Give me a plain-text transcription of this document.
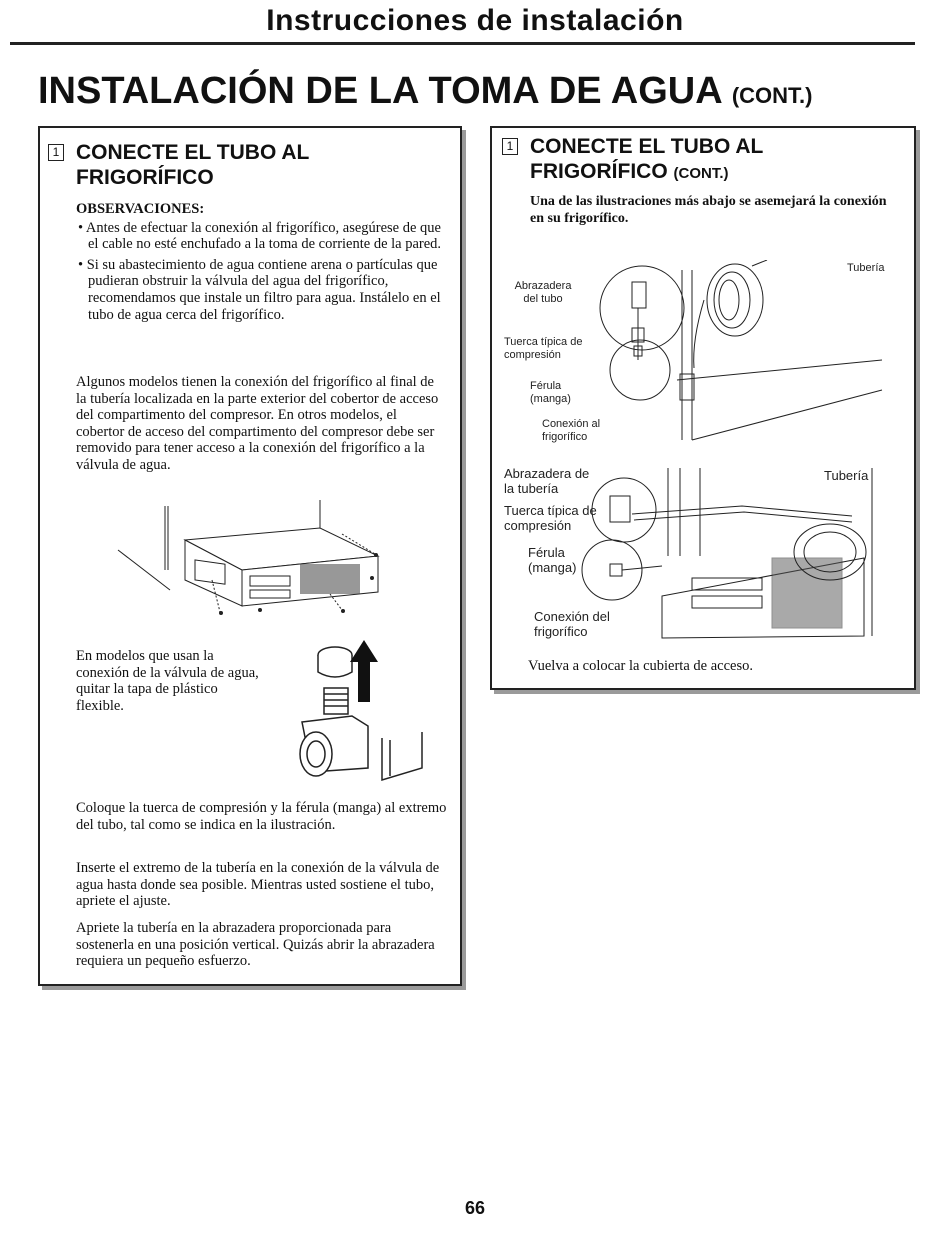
Instrucciones de instalación
INSTALACIÓN DE LA TOMA DE AGUA (CONT.)
1 CONECTE EL TUBO AL
FRIGORÍFICO

OBSERVACIONES:

• Antes de efectuar la conexión al frigorífico, asegúrese de que el cable no esté enchufado a la toma de corriente de la pared.

• Si su abastecimiento de agua contiene arena o partículas que pudieran obstruir la válvula del agua del frigorífico, recomendamos que instale un filtro para agua. Instálelo en el tubo de agua cerca del frigorífico.

Algunos modelos tienen la conexión del frigorífico al final de la tubería localizada en la parte exterior del cobertor de acceso del compartimento del compresor. En otros modelos, el cobertor de acceso del compartimento del compresor debe ser removido para tener acceso a la conexión del frigorífico a la válvula de agua.
En modelos que usan la conexión de la válvula de agua, quitar la tapa de plástico flexible.
Coloque la tuerca de compresión y la férula (manga) al extremo del tubo, tal como se indica en la ilustración.
Inserte el extremo de la tubería en la conexión de la válvula de agua hasta donde sea posible. Mientras usted sostiene el tubo, apriete el ajuste.
Apriete la tubería en la abrazadera proporcionada para sostenerla en una posición vertical. Quizás abrir la abrazadera requiera un pequeño esfuerzo.
1 CONECTE EL TUBO AL
FRIGORÍFICO (CONT.)
Una de las ilustraciones más abajo se asemejará la conexión en su frigorífico.
Tubería
Abrazadera
del tubo
Tuerca típica de
compresión
Férula
(manga)
Conexión al
frigorífico
Abrazadera de
la tubería
Tubería
Tuerca típica de
compresión
Férula
(manga)
Conexión del
frigorífico
Vuelva a colocar la cubierta de acceso.
66
